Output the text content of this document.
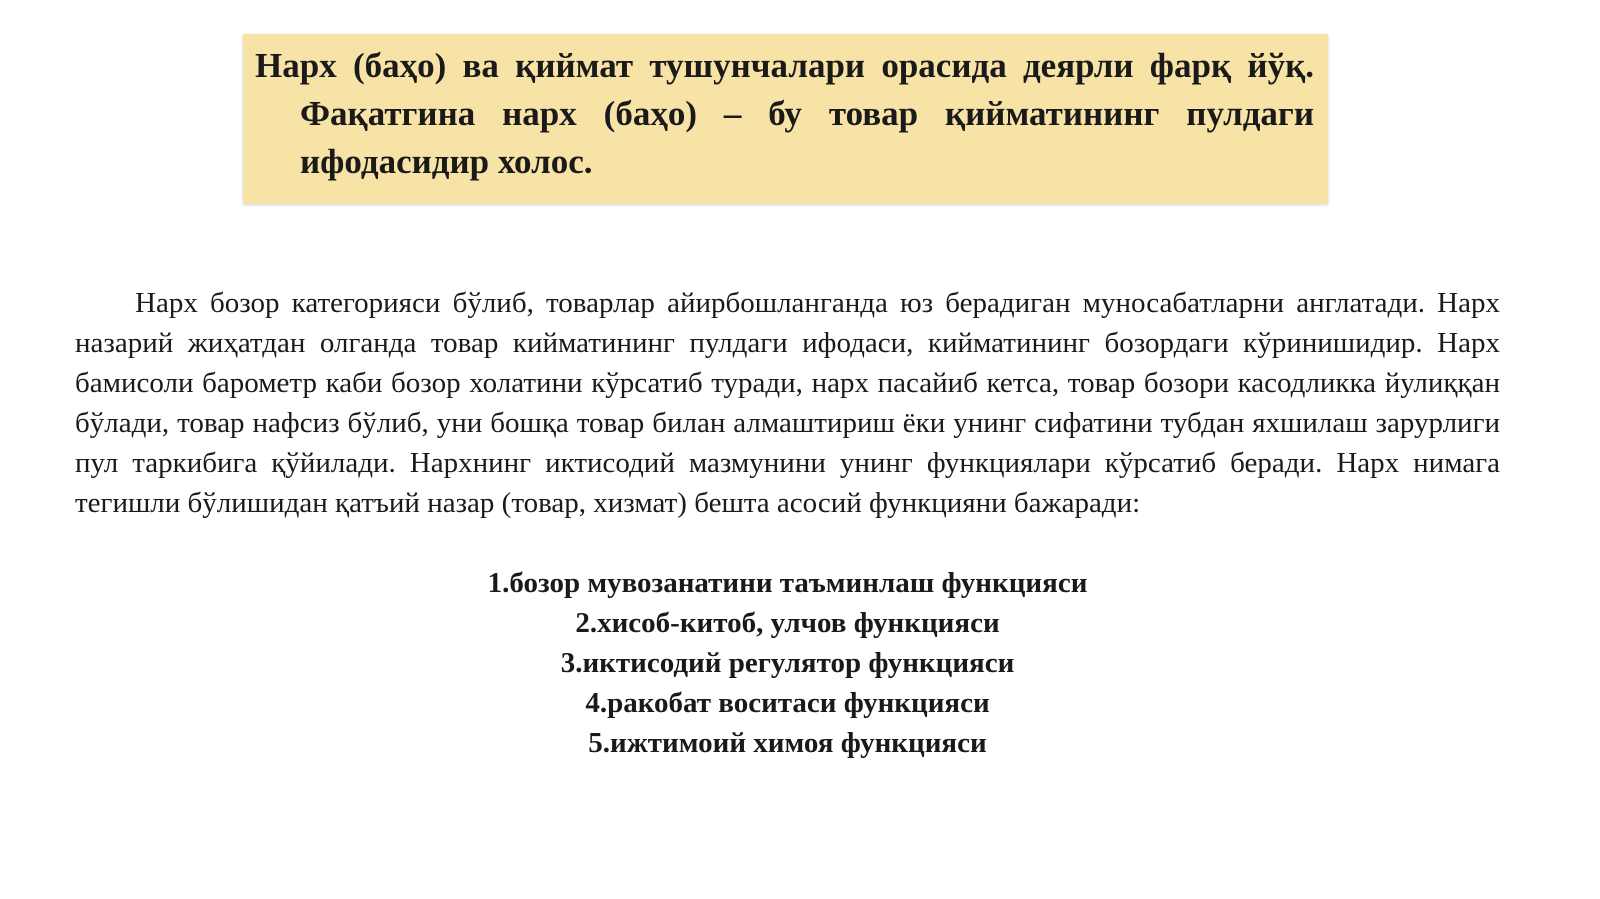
Нарх (баҳо) ва қиймат тушунчалари орасида деярли фарқ йўқ. Фақатгина нарх (баҳо) – бу товар қийматининг пулдаги ифодасидир холос.

Нарх бозор категорияси бўлиб, товарлар айирбошланганда юз берадиган муносабатларни англатади. Нарх назарий жиҳатдан олганда товар кийматининг пулдаги ифодаси, кийматининг бозордаги кўринишидир. Нарх бамисоли барометр каби бозор холатини кўрсатиб туради, нарх пасайиб кетса, товар бозори касодликка йулиққан бўлади, товар нафсиз бўлиб, уни бошқа товар билан алмаштириш ёки унинг сифатини тубдан яхшилаш зарурлиги пул таркибига қўйилади. Нархнинг иктисодий мазмунини унинг функциялари кўрсатиб беради. Нарх нимага тегишли бўлишидан қатъий назар (товар, хизмат) бешта асосий функцияни бажаради:

1.бозор мувозанатини таъминлаш функцияси
2.хисоб-китоб, улчов функцияси
3.иктисодий регулятор функцияси
4.ракобат воситаси функцияси
5.ижтимоий химоя функцияси
